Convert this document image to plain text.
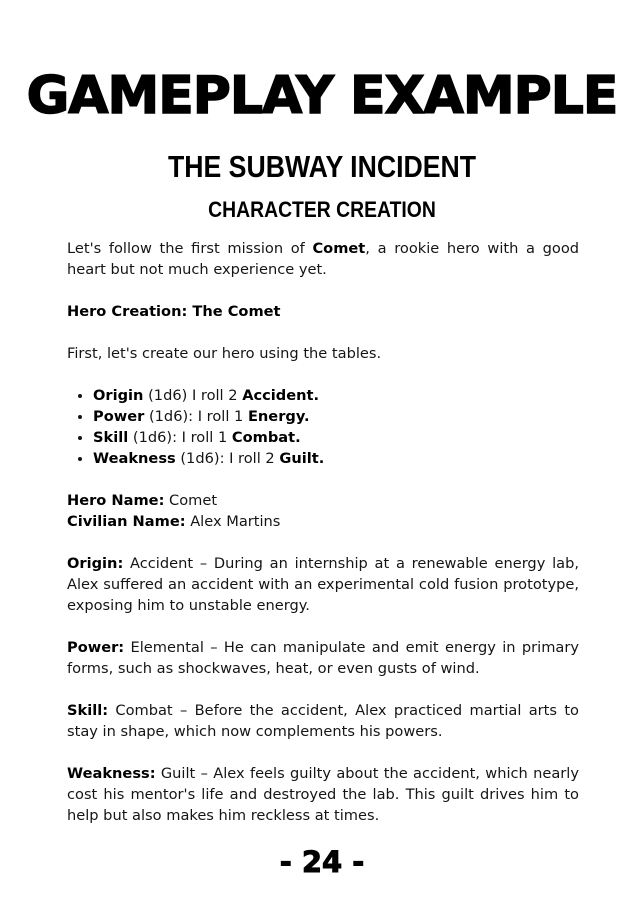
GAMEPLAY EXAMPLE
THE SUBWAY INCIDENT
CHARACTER CREATION

Let's follow the first mission of Comet, a rookie hero with a good heart but not much experience yet.

Hero Creation: The Comet

First, let's create our hero using the tables.

• Origin (1d6) I roll 2 Accident.
• Power (1d6): I roll 1 Energy.
• Skill (1d6): I roll 1 Combat.
• Weakness (1d6): I roll 2 Guilt.

Hero Name: Comet
Civilian Name: Alex Martins

Origin: Accident – During an internship at a renewable energy lab, Alex suffered an accident with an experimental cold fusion prototype, exposing him to unstable energy.

Power: Elemental – He can manipulate and emit energy in primary forms, such as shockwaves, heat, or even gusts of wind.

Skill: Combat – Before the accident, Alex practiced martial arts to stay in shape, which now complements his powers.

Weakness: Guilt – Alex feels guilty about the accident, which nearly cost his mentor's life and destroyed the lab. This guilt drives him to help but also makes him reckless at times.

- 24 -
